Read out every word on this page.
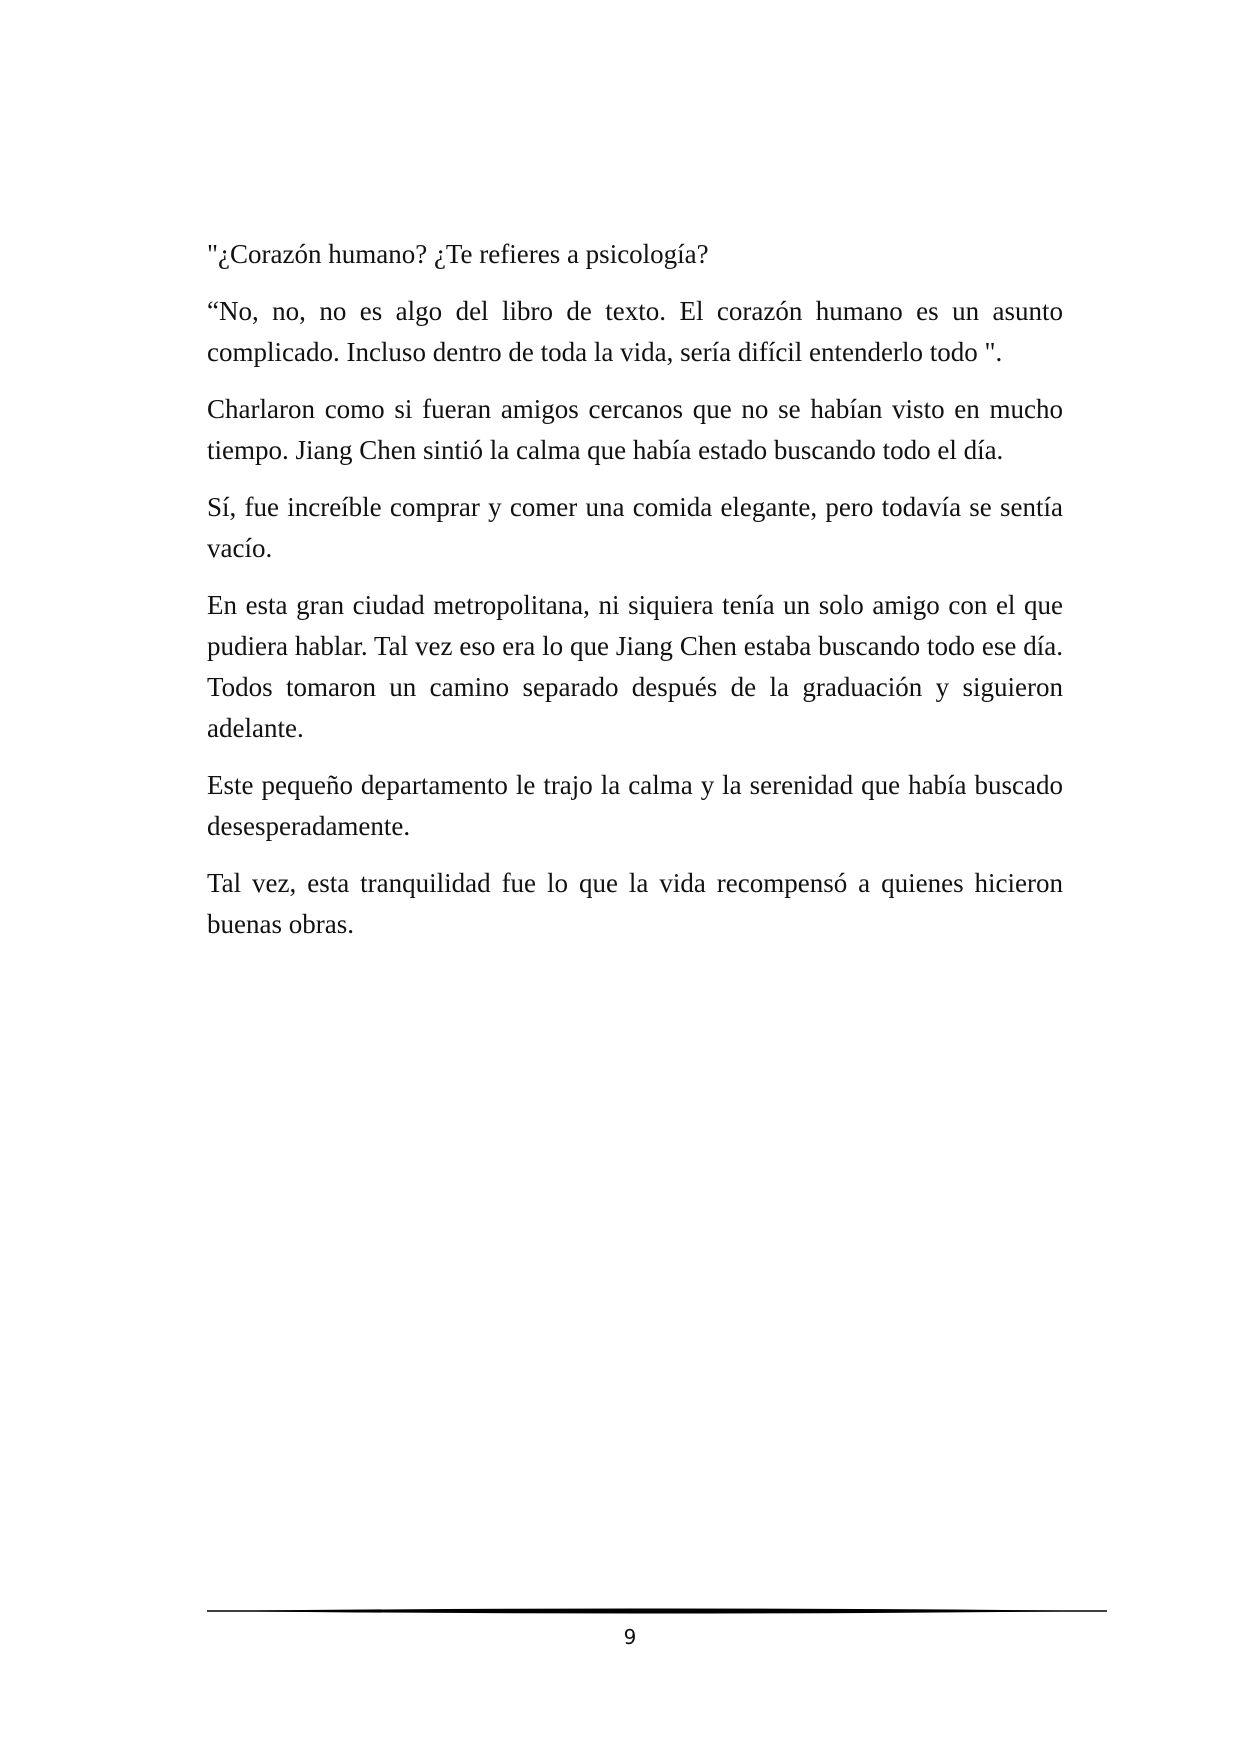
"¿Corazón humano? ¿Te refieres a psicología?

“No, no, no es algo del libro de texto. El corazón humano es un asunto complicado. Incluso dentro de toda la vida, sería difícil entenderlo todo ".

Charlaron como si fueran amigos cercanos que no se habían visto en mucho tiempo. Jiang Chen sintió la calma que había estado buscando todo el día.

Sí, fue increíble comprar y comer una comida elegante, pero todavía se sentía vacío.

En esta gran ciudad metropolitana, ni siquiera tenía un solo amigo con el que pudiera hablar. Tal vez eso era lo que Jiang Chen estaba buscando todo ese día. Todos tomaron un camino separado después de la graduación y siguieron adelante.

Este pequeño departamento le trajo la calma y la serenidad que había buscado desesperadamente.

Tal vez, esta tranquilidad fue lo que la vida recompensó a quienes hicieron buenas obras.

9
